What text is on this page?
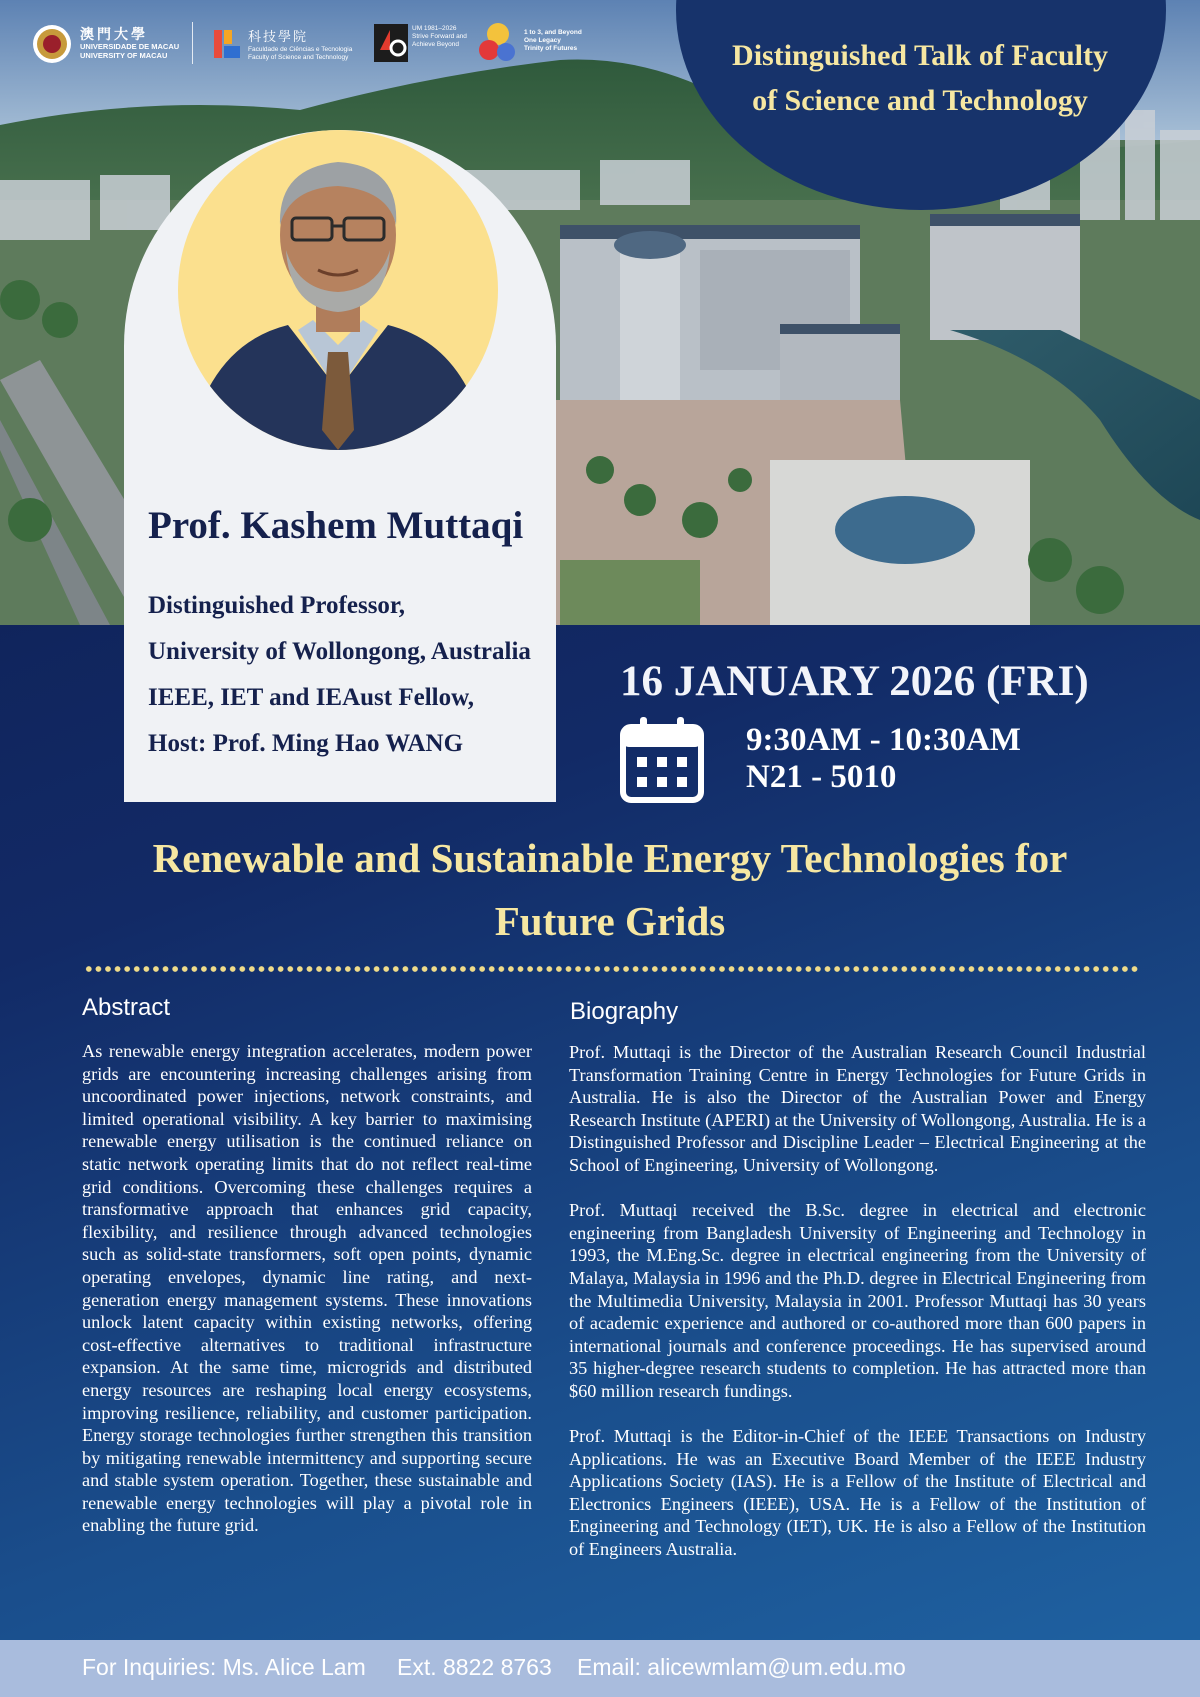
Distinguished Talk of Faculty of Science and Technology
澳門大學
UNIVERSIDADE DE MACAU
UNIVERSITY OF MACAU
科技學院
Faculdade de Ciências e Tecnologia
Faculty of Science and Technology
UM 1981–2026
Strive Forward and
Achieve Beyond
1 to 3, and Beyond
One Legacy
Trinity of Futures
Prof. Kashem Muttaqi
Distinguished Professor,
University of Wollongong, Australia
IEEE, IET and IEAust Fellow,
Host: Prof. Ming Hao WANG
16 JANUARY 2026 (FRI)
9:30AM - 10:30AM
N21 - 5010
Renewable and Sustainable Energy Technologies for Future Grids
Abstract
As renewable energy integration accelerates, modern power grids are encountering increasing challenges arising from uncoordinated power injections, network constraints, and limited operational visibility. A key barrier to maximising renewable energy utilisation is the continued reliance on static network operating limits that do not reflect real-time grid conditions. Overcoming these challenges requires a transformative approach that enhances grid capacity, flexibility, and resilience through advanced technologies such as solid-state transformers, soft open points, dynamic operating envelopes, dynamic line rating, and next-generation energy management systems. These innovations unlock latent capacity within existing networks, offering cost-effective alternatives to traditional infrastructure expansion. At the same time, microgrids and distributed energy resources are reshaping local energy ecosystems, improving resilience, reliability, and customer participation. Energy storage technologies further strengthen this transition by mitigating renewable intermittency and supporting secure and stable system operation. Together, these sustainable and renewable energy technologies will play a pivotal role in enabling the future grid.
Biography

Prof. Muttaqi is the Director of the Australian Research Council Industrial Transformation Training Centre in Energy Technologies for Future Grids in Australia. He is also the Director of the Australian Power and Energy Research Institute (APERI) at the University of Wollongong, Australia. He is a Distinguished Professor and Discipline Leader – Electrical Engineering at the School of Engineering, University of Wollongong.

Prof. Muttaqi received the B.Sc. degree in electrical and electronic engineering from Bangladesh University of Engineering and Technology in 1993, the M.Eng.Sc. degree in electrical engineering from the University of Malaya, Malaysia in 1996 and the Ph.D. degree in Electrical Engineering from the Multimedia University, Malaysia in 2001. Professor Muttaqi has 30 years of academic experience and authored or co-authored more than 600 papers in international journals and conference proceedings. He has supervised around 35 higher-degree research students to completion. He has attracted more than $60 million research fundings.

Prof. Muttaqi is the Editor-in-Chief of the IEEE Transactions on Industry Applications. He was an Executive Board Member of the IEEE Industry Applications Society (IAS). He is a Fellow of the Institute of Electrical and Electronics Engineers (IEEE), USA. He is a Fellow of the Institution of Engineering and Technology (IET), UK. He is also a Fellow of the Institution of Engineers Australia.

For Inquiries: Ms. Alice Lam Ext. 8822 8763 Email: alicewmlam@um.edu.mo
